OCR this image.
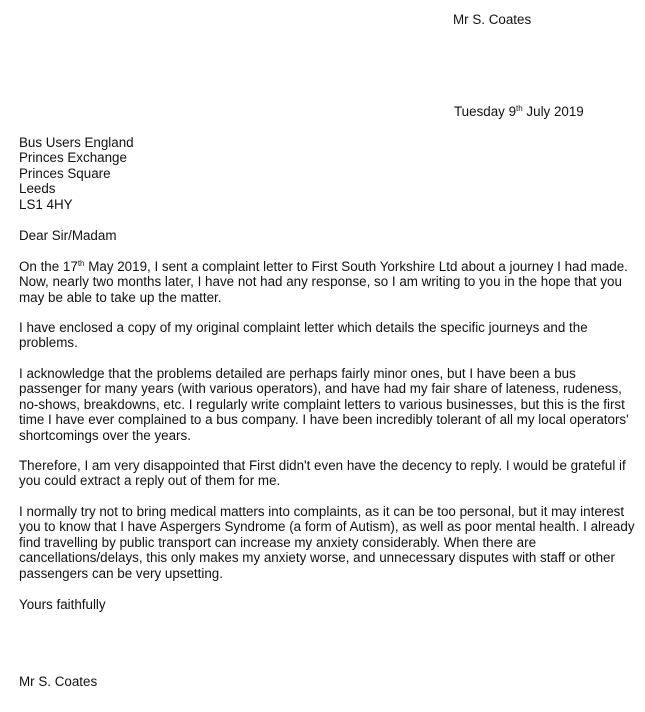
Mr S. Coates
Tuesday 9th July 2019
Bus Users England
Princes Exchange
Princes Square
Leeds
LS1 4HY
Dear Sir/Madam

On the 17th May 2019, I sent a complaint letter to First South Yorkshire Ltd about a journey I had made. Now, nearly two months later, I have not had any response, so I am writing to you in the hope that you may be able to take up the matter.

I have enclosed a copy of my original complaint letter which details the specific journeys and the problems.

I acknowledge that the problems detailed are perhaps fairly minor ones, but I have been a bus passenger for many years (with various operators), and have had my fair share of lateness, rudeness, no-shows, breakdowns, etc. I regularly write complaint letters to various businesses, but this is the first time I have ever complained to a bus company. I have been incredibly tolerant of all my local operators' shortcomings over the years.

Therefore, I am very disappointed that First didn't even have the decency to reply. I would be grateful if you could extract a reply out of them for me.

I normally try not to bring medical matters into complaints, as it can be too personal, but it may interest you to know that I have Aspergers Syndrome (a form of Autism), as well as poor mental health. I already find travelling by public transport can increase my anxiety considerably. When there are cancellations/delays, this only makes my anxiety worse, and unnecessary disputes with staff or other passengers can be very upsetting.

Yours faithfully
Mr S. Coates
